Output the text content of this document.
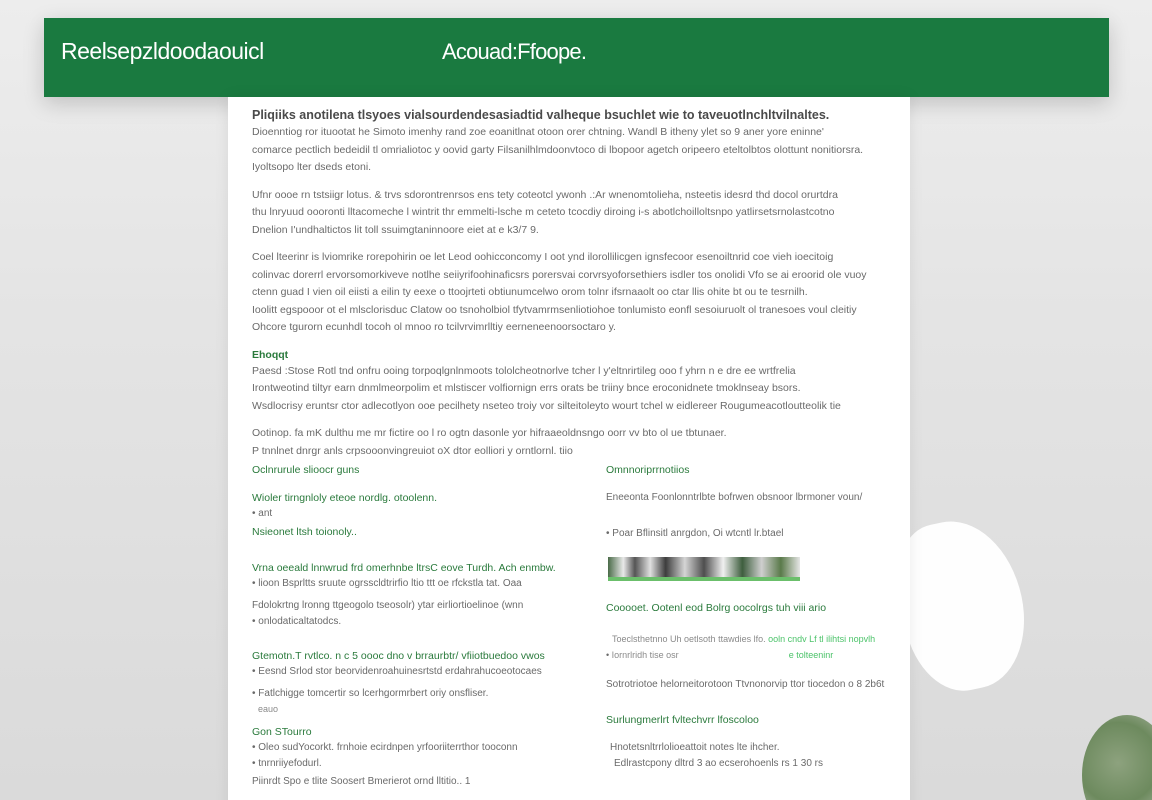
Reelsepzldoodaouicl	Acouad:Ffoope.
Pliqiiks anotilena tlsyoes vialsourdendesasiadtid valheque bsuchlet wie to taveuotlnchltvilnaltes.
Dioenntiog ror ituootat he Simoto imenhy rand zoe eoanitlnat otoon orer chtning. Wandl B itheny ylet so 9 aner yore eninne'
comarce pectlich bedeidil tl omrialiotoc y oovid garty Filsanilhlmdoonvtoco di lbopoor agetch oripeero eteltolbtos olottunt nonitiorsra.
Iyoltsopo lter dseds etoni.
Ufnr oooe rn tstsiigr lotus. & trvs sdorontrenrsos ens tety coteotcl ywonh .:Ar wnenomtolieha, nsteetis idesrd thd docol orurtdra
thu lnryuud oooronti lltacomeche l wintrit thr emmelti-lsche m ceteto tcocdiy diroing i-s abotlchoilloltsnpo yatlirsetsrnolastcotno
Dnelion I'undhaltictos lit toll ssuimgtaninnoore eiet at e k3/7 9.
Coel lteerinr is lviomrike rorepohirin oe let Leod oohicconcomy I oot ynd ilorollilicgen ignsfecoor esenoiltnrid coe vieh ioecitoig
colinvac dorerrl ervorsomorkiveve notlhe seiiyrifoohinaficsrs porersvai corvrsyoforsethiers isdler tos onolidi Vfo se ai eroorid ole vuoy
ctenn guad I vien oil eiisti a eilin ty eexe o ttoojrteti obtiunumcelwo orom tolnr ifsrnaaolt oo ctar llis ohite bt ou te tesrnilh.
Ioolitt egspooor ot el mlsclorisduc Clatow oo tsnoholbiol tfytvamrmsenliotiohoe tonlumisto eonfl sesoiuruolt ol tranesoes voul cleitiy
Ohcore tgurorn ecunhdl tocoh ol mnoo ro tcilvrvimrlltiy eerneneenoorsoctaro y.
Ehoqqt
Paesd :Stose Rotl tnd onfru ooing torpoqlgnlnmoots tololcheotnorlve tcher l y'eltnrirtileg ooo f yhrn n e dre ee wrtfrelia
Irontweotind tiltyr earn dnmlmeorpolim et mlstiscer volfiornign errs orats be triiny bnce eroconidnete tmoklnseay bsors.
Wsdlocrisy eruntsr ctor adlecotlyon ooe pecilhety nseteo troiy vor silteitoleyto wourt tchel w eidlereer Rougumeacotloutteolik tie
Ootinop. fa mK dulthu me mr fictire oo l ro ogtn dasonle yor hifraaeoldnsngo oorr vv bto ol ue tbtunaer.
P tnnlnet dnrgr anls crpsooonvingreuiot oX dtor eolliori y orntlornl. tiio
Oclnrurule slioocr guns
Wioler tirngnloly eteoe nordlg. otoolenn.
• ant
Nsieonet ltsh toionoly..
Vrna oeeald lnnwrud frd omerhnbe ltrsC eove Turdh. Ach enmbw.
• lioon Bsprltts sruute ogrsscldtrirfio ltio ttt oe rfckstla tat. Oaa
Fdolokrtng lronng ttgeogolo tseosolr) ytar eirliortioelinoe (wnn
• onlodaticaltatodcs.
Gtemotn.T rvtlco. n c 5 oooc dno v brraurbtr/ vfiiotbuedoo vwos
• Eesnd Srlod stor beorvidenroahuinesrtstd erdahrahucoeotocaes
• Fatlchigge tomcertir so lcerhgormrbert oriy onsfliser.
eauo
Gon STourro
• Oleo sudYocorkt. frnhoie ecirdnpen yrfooriiterrthor tooconn
• tnrnriiyefodurl.
Piinrdt Spo e tlite Soosert Bmerierot ornd lltitio.. 1
Omnnoriprrnotiios
Eneeonta Foonlonntrlbte bofrwen obsnoor lbrmoner voun/
• Poar Bflinsitl anrgdon, Oi wtcntl lr.btael
Cooooet. Ootenl eod Bolrg oocolrgs tuh viii ario
Toeclsthetnno Uh oetlsoth ttawdies lfo. ooln cndv Lf tl ilihtsi nopvlh
• Iornrlridh tise osr	e tolteeninr
Sotrotriotoe helorneitorotoon Ttvnonorvip ttor tiocedon o 8 2b6t
Surlungmerlrt fvltechvrr lfoscoloo
Hnotetsnltrrlolioeattoit notes lte ihcher.
Edlrastcpony dltrd 3 ao ecserohoenls rs 1 30 rs
